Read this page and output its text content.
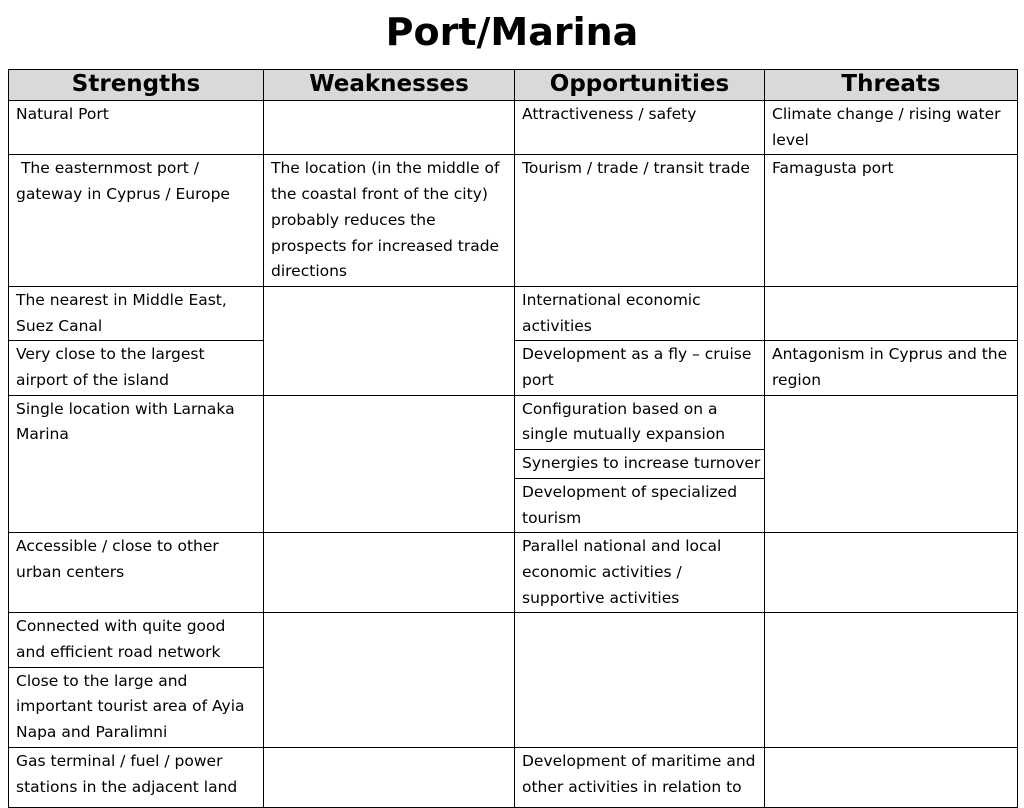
Port/Marina
Strengths	Weaknesses	Opportunities	Threats
Natural Port		Attractiveness / safety	Climate change / rising water level
The easternmost port / gateway in Cyprus / Europe	The location (in the middle of the coastal front of the city) probably reduces the prospects for increased trade directions	Tourism / trade / transit trade	Famagusta port
The nearest in Middle East, Suez Canal		International economic activities	
Very close to the largest airport of the island		Development as a fly – cruise port	Antagonism in Cyprus and the region
Single location with Larnaka Marina		Configuration based on a single mutually expansion	
		Synergies to increase turnover	
		Development of specialized tourism	
Accessible / close to other urban centers		Parallel national and local economic activities / supportive activities	
Connected with quite good and efficient road network			
Close to the large and important tourist area of Ayia Napa and Paralimni			
Gas terminal / fuel / power stations in the adjacent land		Development of maritime and other activities in relation to	
